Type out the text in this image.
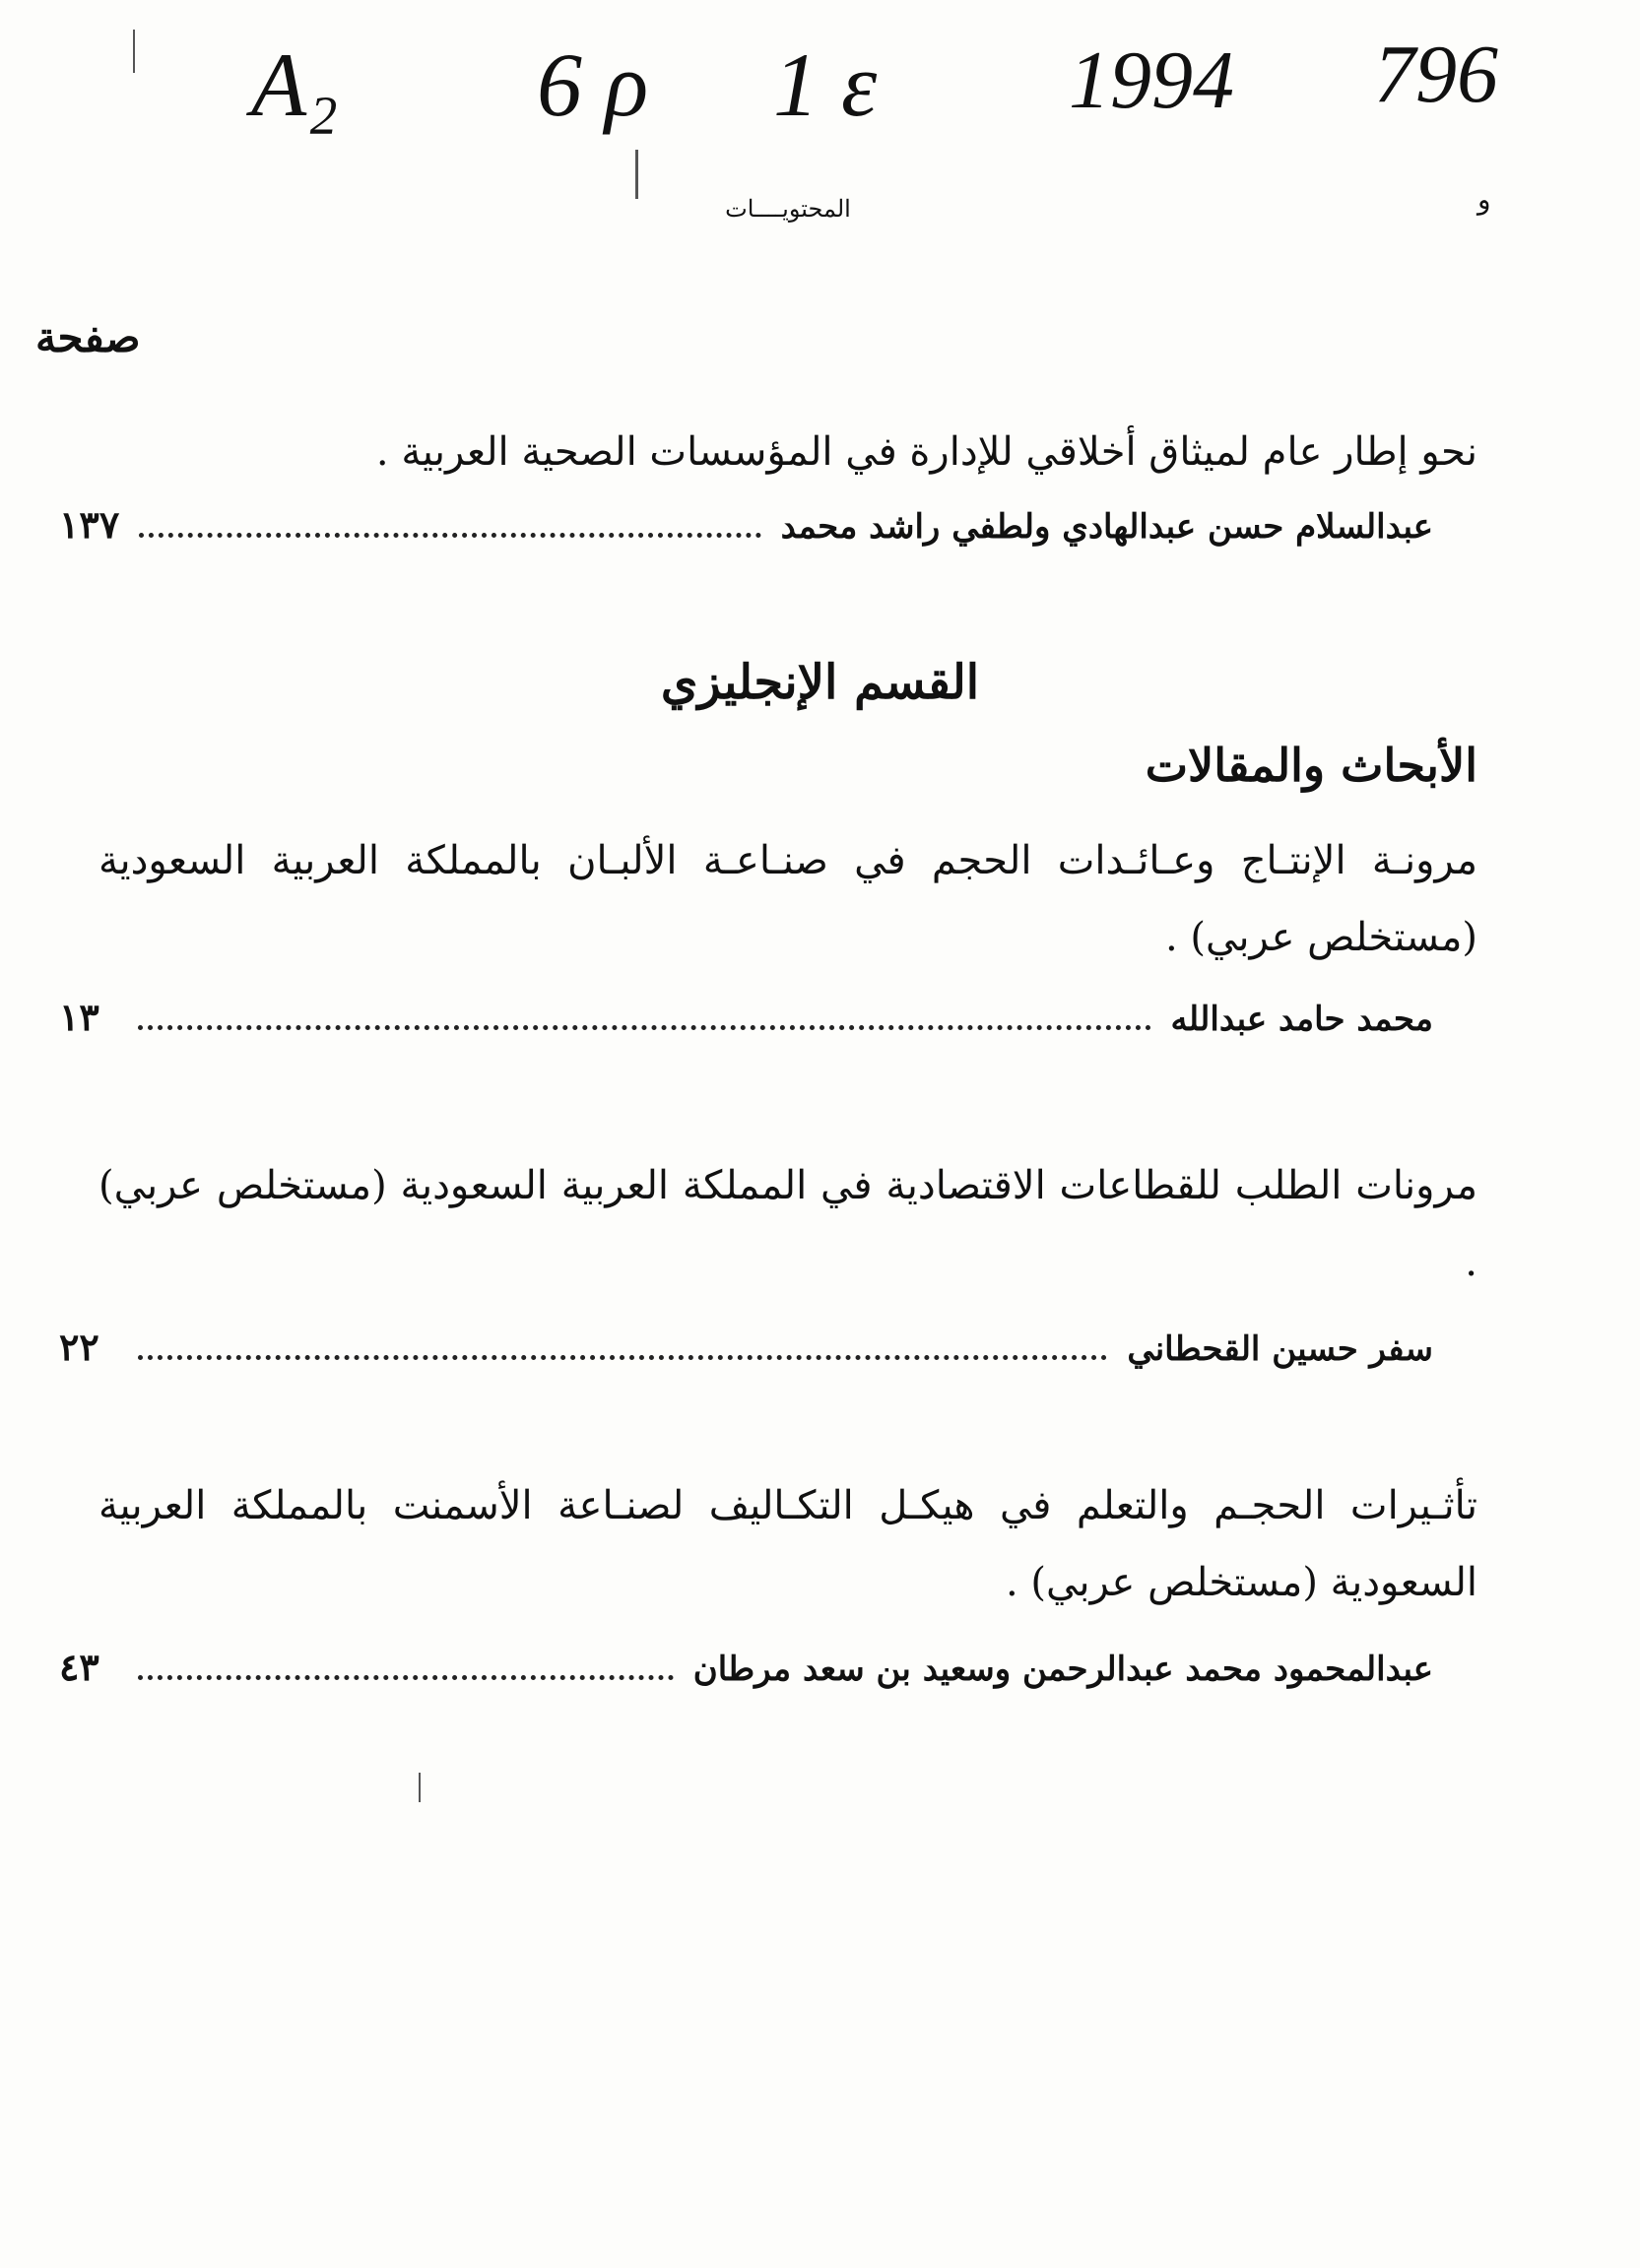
A₂ 6 ρ 1 ε 1994 796
و
المحتويــــات
صفحة
نحو إطار عام لميثاق أخلاقي للإدارة في المؤسسات الصحية العربية .
١٣٧	عبدالسلام حسن عبدالهادي ولطفي راشد محمد
القسم الإنجليزي
الأبحاث والمقالات
مرونـة الإنتـاج وعـائـدات الحجم في صنـاعـة الألبـان بالمملكة العربية السعودية (مستخلص عربي) .
١٣	محمد حامد عبدالله
مرونات الطلب للقطاعات الاقتصادية في المملكة العربية السعودية (مستخلص عربي) .
٢٢	سفر حسين القحطاني
تأثـيرات الحجـم والتعلم في هيكـل التكـاليف لصنـاعة الأسمنت بالمملكة العربية السعودية (مستخلص عربي) .
٤٣	عبدالمحمود محمد عبدالرحمن وسعيد بن سعد مرطان
